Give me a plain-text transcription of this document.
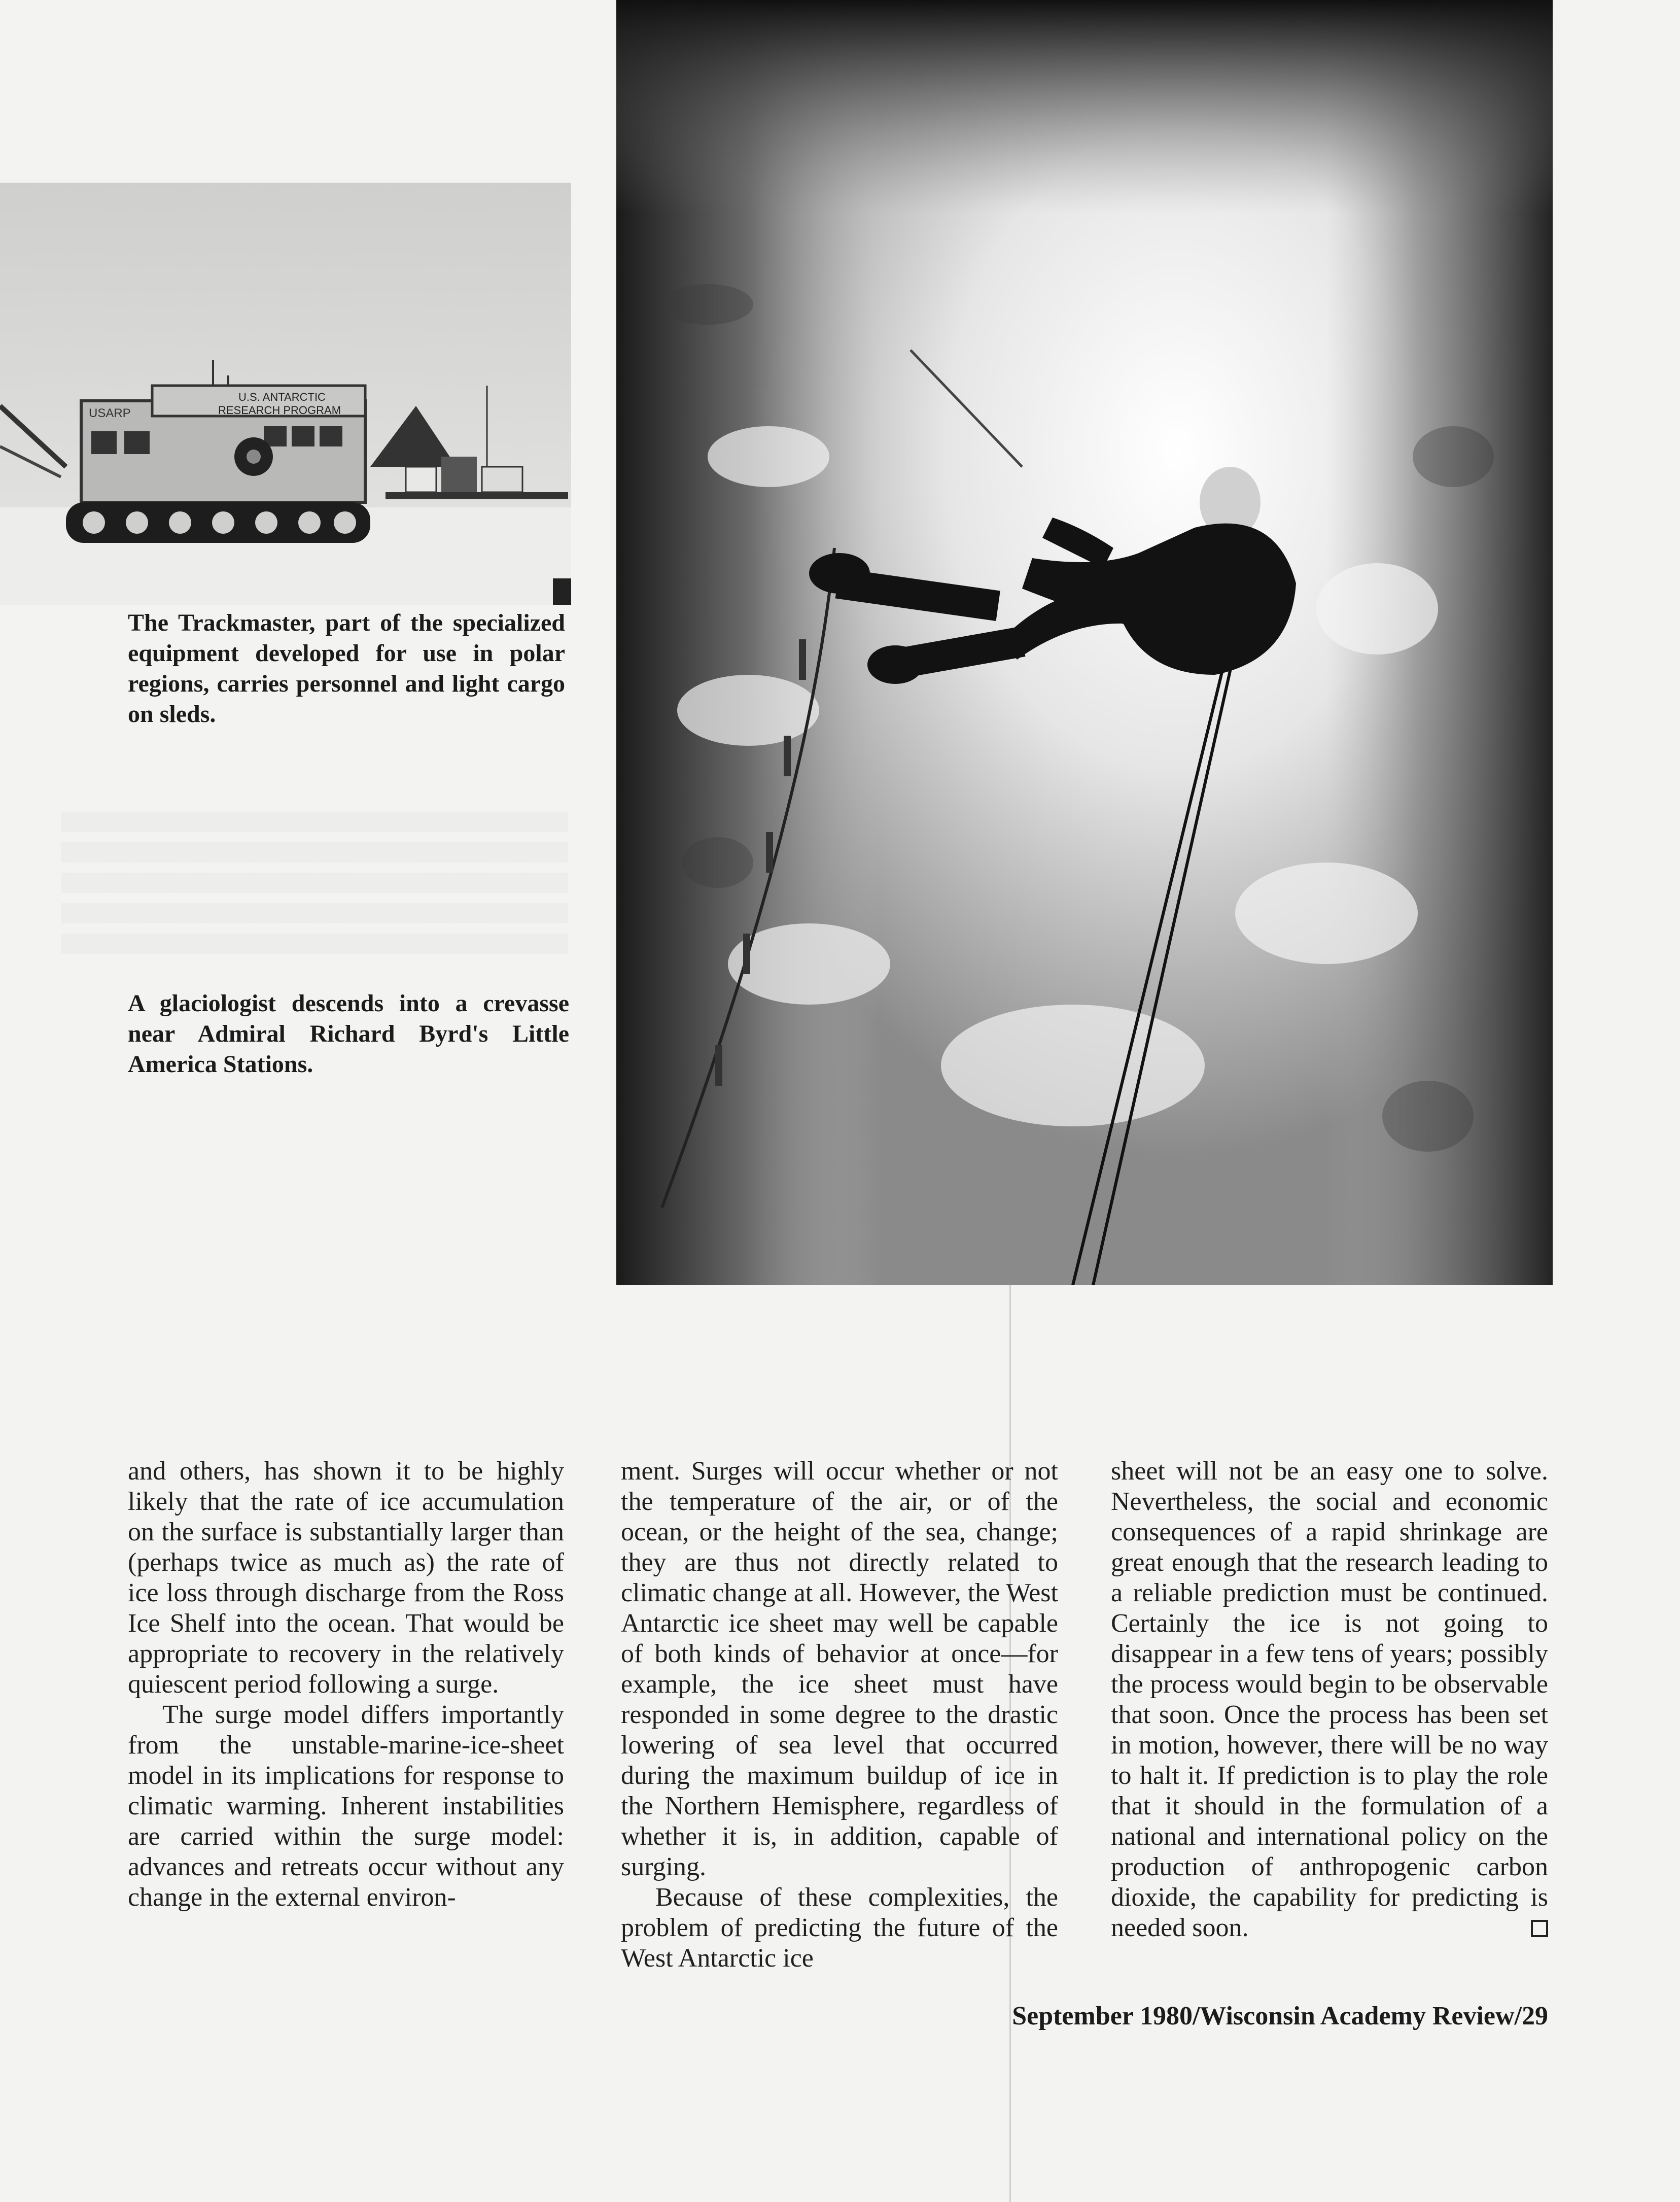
U.S. ANTARCTIC
RESEARCH PROGRAM
USARP

The Trackmaster, part of the specialized equipment developed for use in polar regions, carries personnel and light cargo on sleds.

A glaciologist descends into a crevasse near Admiral Richard Byrd's Little America Stations.

and others, has shown it to be highly likely that the rate of ice accumulation on the surface is substantially larger than (perhaps twice as much as) the rate of ice loss through discharge from the Ross Ice Shelf into the ocean. That would be appropriate to recovery in the relatively quiescent period following a surge.

The surge model differs importantly from the unstable-marine-ice-sheet model in its implications for response to climatic warming. Inherent instabilities are carried within the surge model: advances and retreats occur without any change in the external environ-

ment. Surges will occur whether or not the temperature of the air, or of the ocean, or the height of the sea, change; they are thus not directly related to climatic change at all. However, the West Antarctic ice sheet may well be capable of both kinds of behavior at once—for example, the ice sheet must have responded in some degree to the drastic lowering of sea level that occurred during the maximum buildup of ice in the Northern Hemisphere, regardless of whether it is, in addition, capable of surging.

Because of these complexities, the problem of predicting the future of the West Antarctic ice

sheet will not be an easy one to solve. Nevertheless, the social and economic consequences of a rapid shrinkage are great enough that the research leading to a reliable prediction must be continued. Certainly the ice is not going to disappear in a few tens of years; possibly the process would begin to be observable that soon. Once the process has been set in motion, however, there will be no way to halt it. If prediction is to play the role that it should in the formulation of a national and international policy on the production of anthropogenic carbon dioxide, the capability for predicting is needed soon.

September 1980/Wisconsin Academy Review/29
